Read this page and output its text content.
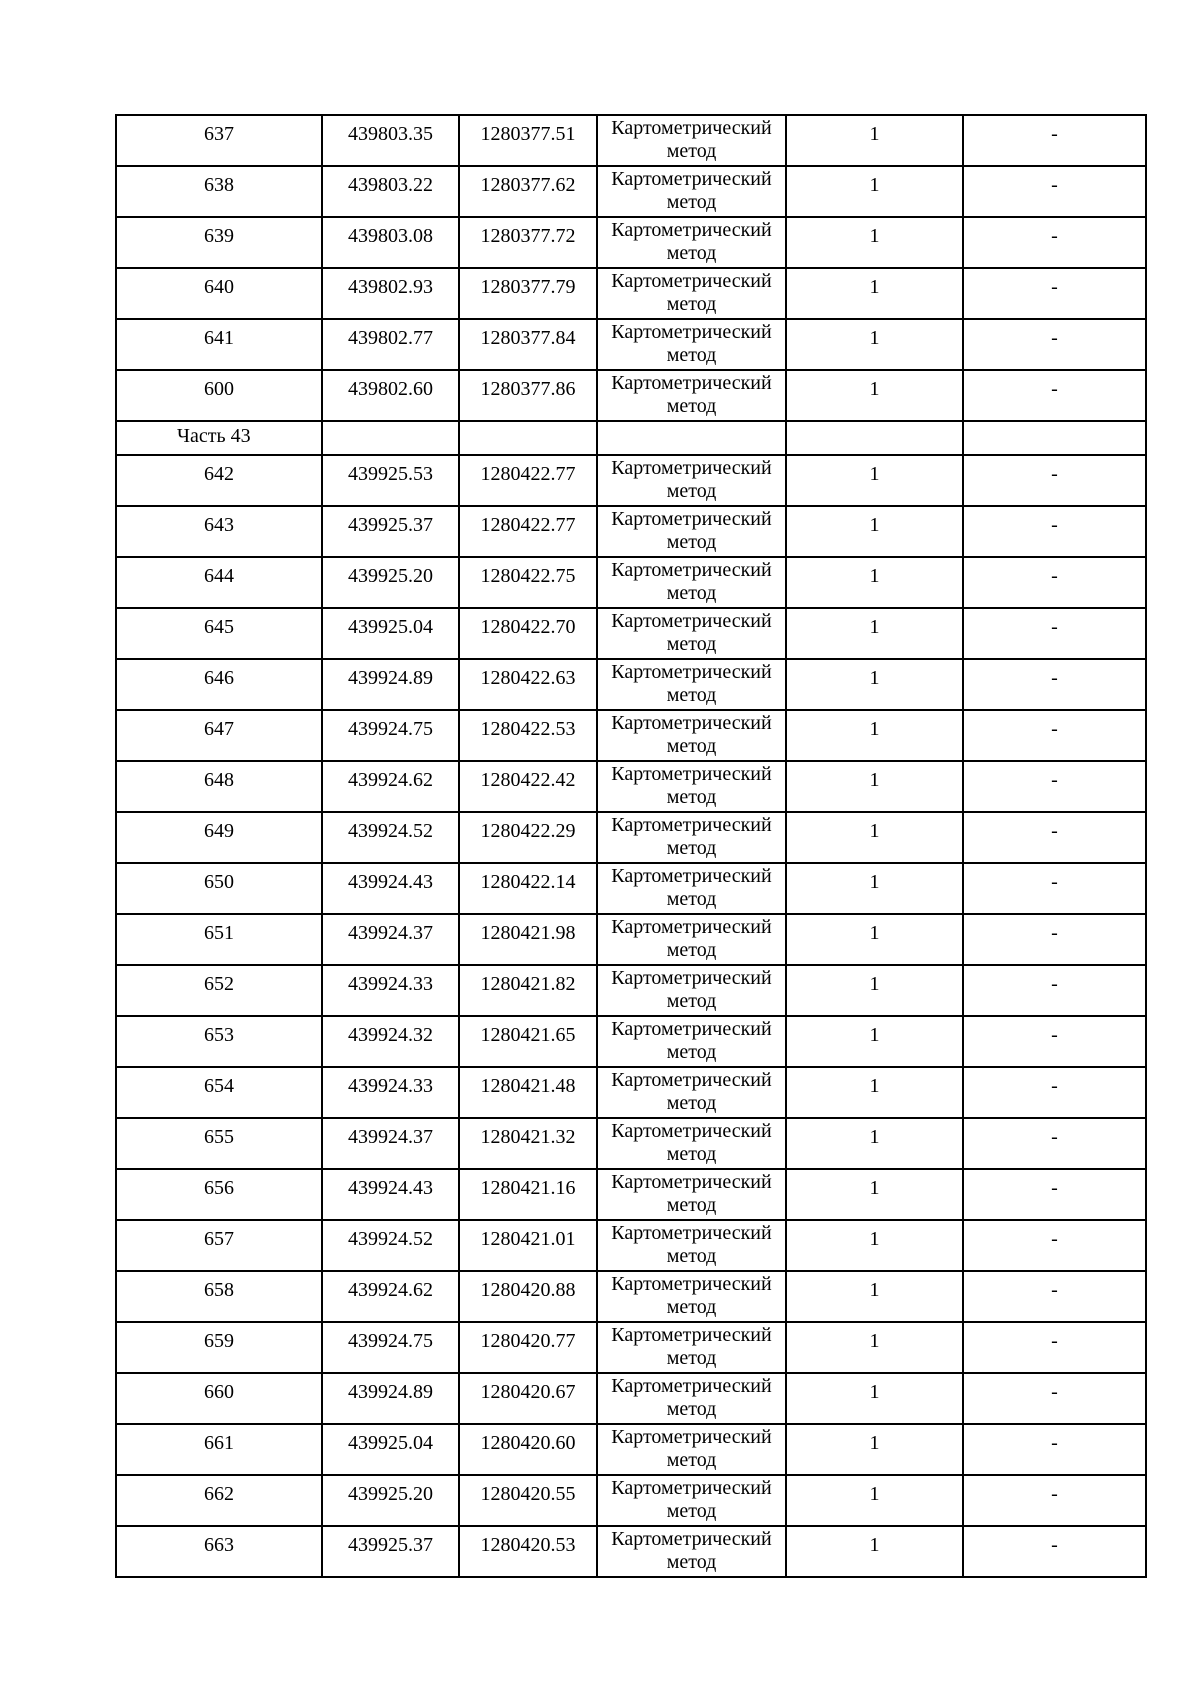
637	439803.35	1280377.51	Картометрический
метод	1	-
638	439803.22	1280377.62	Картометрический
метод	1	-
639	439803.08	1280377.72	Картометрический
метод	1	-
640	439802.93	1280377.79	Картометрический
метод	1	-
641	439802.77	1280377.84	Картометрический
метод	1	-
600	439802.60	1280377.86	Картометрический
метод	1	-
Часть 43					
642	439925.53	1280422.77	Картометрический
метод	1	-
643	439925.37	1280422.77	Картометрический
метод	1	-
644	439925.20	1280422.75	Картометрический
метод	1	-
645	439925.04	1280422.70	Картометрический
метод	1	-
646	439924.89	1280422.63	Картометрический
метод	1	-
647	439924.75	1280422.53	Картометрический
метод	1	-
648	439924.62	1280422.42	Картометрический
метод	1	-
649	439924.52	1280422.29	Картометрический
метод	1	-
650	439924.43	1280422.14	Картометрический
метод	1	-
651	439924.37	1280421.98	Картометрический
метод	1	-
652	439924.33	1280421.82	Картометрический
метод	1	-
653	439924.32	1280421.65	Картометрический
метод	1	-
654	439924.33	1280421.48	Картометрический
метод	1	-
655	439924.37	1280421.32	Картометрический
метод	1	-
656	439924.43	1280421.16	Картометрический
метод	1	-
657	439924.52	1280421.01	Картометрический
метод	1	-
658	439924.62	1280420.88	Картометрический
метод	1	-
659	439924.75	1280420.77	Картометрический
метод	1	-
660	439924.89	1280420.67	Картометрический
метод	1	-
661	439925.04	1280420.60	Картометрический
метод	1	-
662	439925.20	1280420.55	Картометрический
метод	1	-
663	439925.37	1280420.53	Картометрический
метод	1	-
